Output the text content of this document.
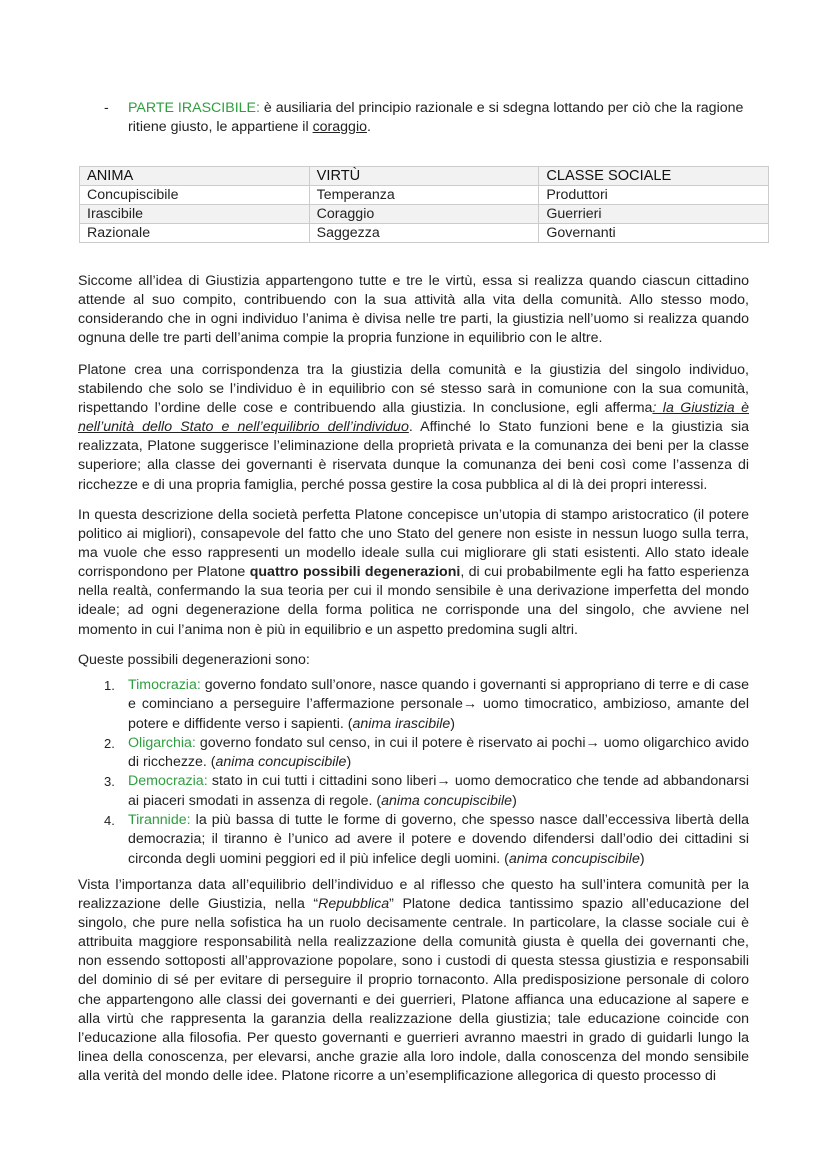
- PARTE IRASCIBILE: è ausiliaria del principio razionale e si sdegna lottando per ciò che la ragione ritiene giusto, le appartiene il coraggio.
ANIMA	VIRTÙ	CLASSE SOCIALE
Concupiscibile	Temperanza	Produttori
Irascibile	Coraggio	Guerrieri
Razionale	Saggezza	Governanti

Siccome all’idea di Giustizia appartengono tutte e tre le virtù, essa si realizza quando ciascun cittadino attende al suo compito, contribuendo con la sua attività alla vita della comunità. Allo stesso modo, considerando che in ogni individuo l’anima è divisa nelle tre parti, la giustizia nell’uomo si realizza quando ognuna delle tre parti dell’anima compie la propria funzione in equilibrio con le altre.

Platone crea una corrispondenza tra la giustizia della comunità e la giustizia del singolo individuo, stabilendo che solo se l’individuo è in equilibrio con sé stesso sarà in comunione con la sua comunità, rispettando l’ordine delle cose e contribuendo alla giustizia. In conclusione, egli afferma: la Giustizia è nell’unità dello Stato e nell’equilibrio dell’individuo. Affinché lo Stato funzioni bene e la giustizia sia realizzata, Platone suggerisce l’eliminazione della proprietà privata e la comunanza dei beni per la classe superiore; alla classe dei governanti è riservata dunque la comunanza dei beni così come l’assenza di ricchezze e di una propria famiglia, perché possa gestire la cosa pubblica al di là dei propri interessi.

In questa descrizione della società perfetta Platone concepisce un’utopia di stampo aristocratico (il potere politico ai migliori), consapevole del fatto che uno Stato del genere non esiste in nessun luogo sulla terra, ma vuole che esso rappresenti un modello ideale sulla cui migliorare gli stati esistenti. Allo stato ideale corrispondono per Platone quattro possibili degenerazioni, di cui probabilmente egli ha fatto esperienza nella realtà, confermando la sua teoria per cui il mondo sensibile è una derivazione imperfetta del mondo ideale; ad ogni degenerazione della forma politica ne corrisponde una del singolo, che avviene nel momento in cui l’anima non è più in equilibrio e un aspetto predomina sugli altri.

Queste possibili degenerazioni sono:

1. Timocrazia: governo fondato sull’onore, nasce quando i governanti si appropriano di terre e di case e cominciano a perseguire l’affermazione personale→ uomo timocratico, ambizioso, amante del potere e diffidente verso i sapienti. (anima irascibile)
2. Oligarchia: governo fondato sul censo, in cui il potere è riservato ai pochi→ uomo oligarchico avido di ricchezze. (anima concupiscibile)
3. Democrazia: stato in cui tutti i cittadini sono liberi→ uomo democratico che tende ad abbandonarsi ai piaceri smodati in assenza di regole. (anima concupiscibile)
4. Tirannide: la più bassa di tutte le forme di governo, che spesso nasce dall’eccessiva libertà della democrazia; il tiranno è l’unico ad avere il potere e dovendo difendersi dall’odio dei cittadini si circonda degli uomini peggiori ed il più infelice degli uomini. (anima concupiscibile)

Vista l’importanza data all’equilibrio dell’individuo e al riflesso che questo ha sull’intera comunità per la realizzazione delle Giustizia, nella “Repubblica” Platone dedica tantissimo spazio all’educazione del singolo, che pure nella sofistica ha un ruolo decisamente centrale. In particolare, la classe sociale cui è attribuita maggiore responsabilità nella realizzazione della comunità giusta è quella dei governanti che, non essendo sottoposti all’approvazione popolare, sono i custodi di questa stessa giustizia e responsabili del dominio di sé per evitare di perseguire il proprio tornaconto. Alla predisposizione personale di coloro che appartengono alle classi dei governanti e dei guerrieri, Platone affianca una educazione al sapere e alla virtù che rappresenta la garanzia della realizzazione della giustizia; tale educazione coincide con l’educazione alla filosofia. Per questo governanti e guerrieri avranno maestri in grado di guidarli lungo la linea della conoscenza, per elevarsi, anche grazie alla loro indole, dalla conoscenza del mondo sensibile alla verità del mondo delle idee. Platone ricorre a un’esemplificazione allegorica di questo processo di
